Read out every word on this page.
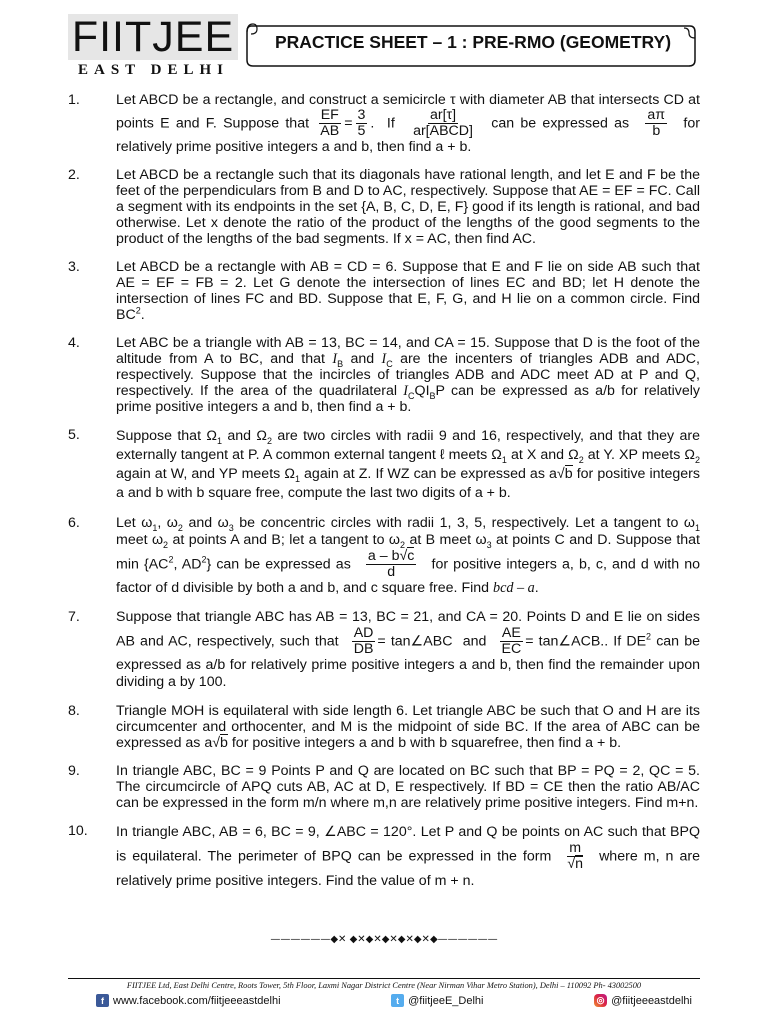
FIITJEE
EAST DELHI
PRACTICE SHEET – 1 : PRE-RMO (GEOMETRY)
1.	Let ABCD be a rectangle, and construct a semicircle τ with diameter AB that intersects CD at points E and F. Suppose that $\frac{EF}{AB} = \frac{3}{5}$ . If $\frac{ar[\tau]}{\text{ar[ABCD]}}$ can be expressed as $\frac{a\pi}{b}$ for relatively prime positive integers a and b, then find a + b.
2.	Let ABCD be a rectangle such that its diagonals have rational length, and let E and F be the feet of the perpendiculars from B and D to AC, respectively. Suppose that AE = EF = FC. Call a segment with its endpoints in the set {A, B, C, D, E, F} good if its length is rational, and bad otherwise. Let x denote the ratio of the product of the lengths of the good segments to the product of the lengths of the bad segments. If x = AC, then find AC.
3.	Let ABCD be a rectangle with AB = CD = 6. Suppose that E and F lie on side AB such that AE = EF = FB = 2. Let G denote the intersection of lines EC and BD; let H denote the intersection of lines FC and BD. Suppose that E, F, G, and H lie on a common circle. Find $BC^2$.
4.	Let ABC be a triangle with AB = 13, BC = 14, and CA = 15. Suppose that D is the foot of the altitude from A to BC, and that $I_B$ and $I_C$ are the incenters of triangles ADB and ADC, respectively. Suppose that the incircles of triangles ADB and ADC meet AD at P and Q, respectively. If the area of the quadrilateral $I_CQI_BP$ can be expressed as a/b for relatively prime positive integers a and b, then find a + b.
5.	Suppose that $\Omega_1$ and $\Omega_2$ are two circles with radii 9 and 16, respectively, and that they are externally tangent at P. A common external tangent ℓ meets $\Omega_1$ at X and $\Omega_2$ at Y. XP meets $\Omega_2$ again at W, and YP meets $\Omega_1$ again at Z. If WZ can be expressed as a√b for positive integers a and b with b square free, compute the last two digits of a + b.
6.	Let $\omega_1$, $\omega_2$ and $\omega_3$ be concentric circles with radii 1, 3, 5, respectively. Let a tangent to $\omega_1$ meet $\omega_2$ at points A and B; let a tangent to $\omega_2$ at B meet $\omega_3$ at points C and D. Suppose that $\min \{AC^2$, $AD^2$} can be expressed as $\frac{a - b√c}{d}$ for positive integers a, b, c, and d with no factor of d divisible by both a and b, and c square free. Find bcd – a.
7.	Suppose that triangle ABC has AB = 13, BC = 21, and CA = 20. Points D and E lie on sides AB and AC, respectively, such that $\frac{AD}{DB}$ = tan∠ABC and $\frac{AE}{EC}$ = tan∠ACB.. If $DE^2$ can be expressed as a/b for relatively prime positive integers a and b, then find the remainder upon dividing a by 100.
8.	Triangle MOH is equilateral with side length 6. Let triangle ABC be such that O and H are its circumcenter and orthocenter, and M is the midpoint of side BC. If the area of ABC can be expressed as a√b for positive integers a and b with b squarefree, then find a + b.
9.	In triangle ABC, BC = 9 Points P and Q are located on BC such that BP = PQ = 2, QC = 5. The circumcircle of APQ cuts AB, AC at D, E respectively. If BD = CE then the ratio AB/AC can be expressed in the form m/n where m,n are relatively prime positive integers. Find m+n.
10.	In triangle ABC, AB = 6, BC = 9, ∠ABC = 120°. Let P and Q be points on AC such that BPQ is equilateral. The perimeter of BPQ can be expressed in the form $\frac{m}{√n}$ where m, n are relatively prime positive integers. Find the value of m + n.
——————◆✕ ◆✕◆✕◆✕◆✕◆✕◆——————
FIITJEE Ltd, East Delhi Centre, Roots Tower, 5th Floor, Laxmi Nagar District Centre (Near Nirman Vihar Metro Station), Delhi – 110092 Ph- 43002500
f www.facebook.com/fiitjeeeastdelhi	t @fiitjeeE_Delhi	◎ @fiitjeeeastdelhi
